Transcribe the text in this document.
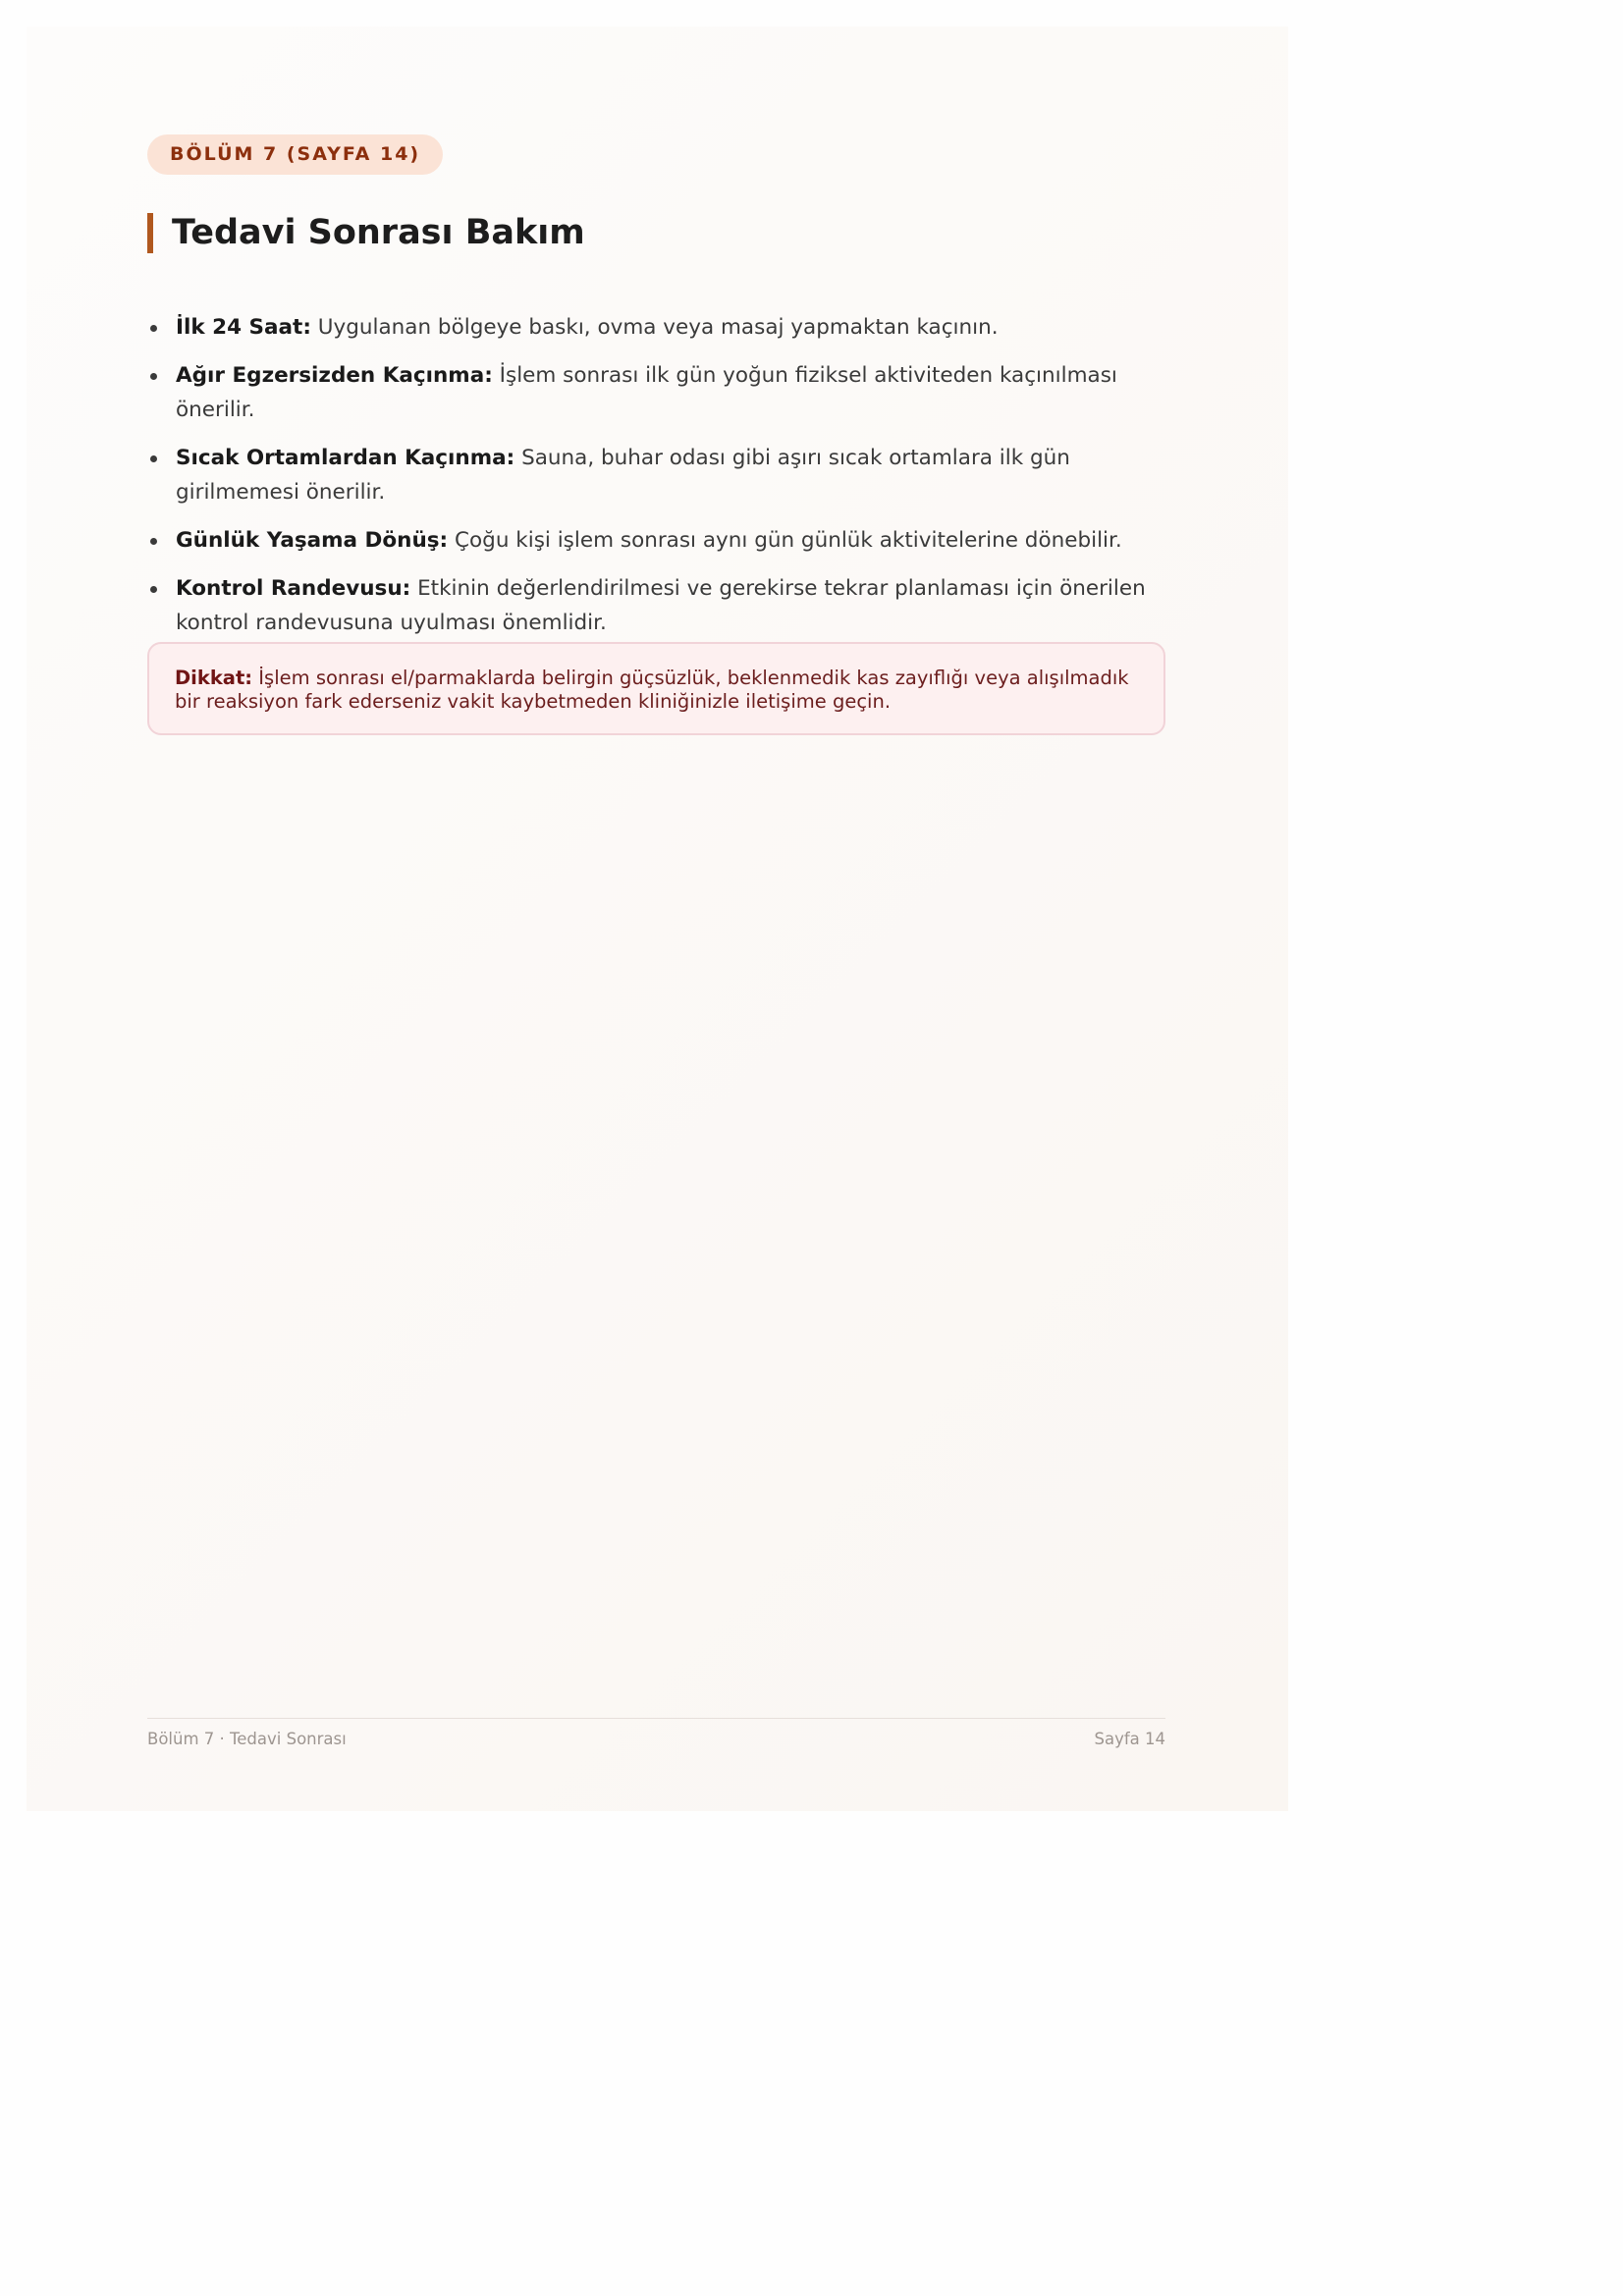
BÖLÜM 7 (SAYFA 14)
Tedavi Sonrası Bakım
İlk 24 Saat: Uygulanan bölgeye baskı, ovma veya masaj yapmaktan kaçının.
Ağır Egzersizden Kaçınma: İşlem sonrası ilk gün yoğun fiziksel aktiviteden kaçınılması önerilir.
Sıcak Ortamlardan Kaçınma: Sauna, buhar odası gibi aşırı sıcak ortamlara ilk gün girilmemesi önerilir.
Günlük Yaşama Dönüş: Çoğu kişi işlem sonrası aynı gün günlük aktivitelerine dönebilir.
Kontrol Randevusu: Etkinin değerlendirilmesi ve gerekirse tekrar planlaması için önerilen kontrol randevusuna uyulması önemlidir.
Dikkat: İşlem sonrası el/parmaklarda belirgin güçsüzlük, beklenmedik kas zayıflığı veya alışılmadık bir reaksiyon fark ederseniz vakit kaybetmeden kliniğinizle iletişime geçin.
Bölüm 7 · Tedavi Sonrası	Sayfa 14
